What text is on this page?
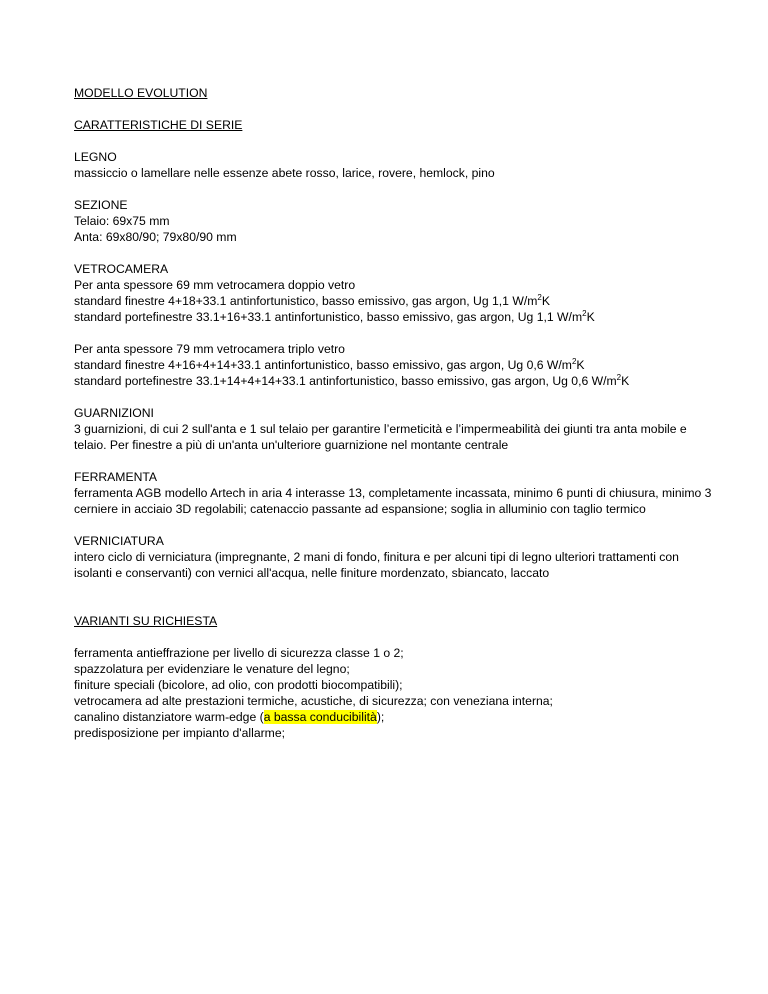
MODELLO EVOLUTION
CARATTERISTICHE DI SERIE
LEGNO
massiccio o lamellare nelle essenze abete rosso, larice, rovere, hemlock, pino
SEZIONE
Telaio: 69x75 mm
Anta: 69x80/90; 79x80/90 mm
VETROCAMERA
Per anta spessore 69 mm vetrocamera doppio vetro
standard finestre 4+18+33.1 antinfortunistico, basso emissivo, gas argon, Ug 1,1 $W/m^2K$
standard portefinestre 33.1+16+33.1 antinfortunistico, basso emissivo, gas argon, Ug 1,1 $W/m^2K$
Per anta spessore 79 mm vetrocamera triplo vetro
standard finestre 4+16+4+14+33.1 antinfortunistico, basso emissivo, gas argon, Ug 0,6 $W/m^2K$
standard portefinestre 33.1+14+4+14+33.1 antinfortunistico, basso emissivo, gas argon, Ug 0,6 $W/m^2K$
GUARNIZIONI
3 guarnizioni, di cui 2 sull'anta e 1 sul telaio per garantire l’ermeticità e l’impermeabilità dei giunti tra anta mobile e telaio. Per finestre a più di un'anta un'ulteriore guarnizione nel montante centrale
FERRAMENTA
ferramenta AGB modello Artech in aria 4 interasse 13, completamente incassata, minimo 6 punti di chiusura, minimo 3 cerniere in acciaio 3D regolabili; catenaccio passante ad espansione; soglia in alluminio con taglio termico
VERNICIATURA
intero ciclo di verniciatura (impregnante, 2 mani di fondo, finitura e per alcuni tipi di legno ulteriori trattamenti con isolanti e conservanti) con vernici all'acqua, nelle finiture mordenzato, sbiancato, laccato
VARIANTI SU RICHIESTA
ferramenta antieffrazione per livello di sicurezza classe 1 o 2;
spazzolatura per evidenziare le venature del legno;
finiture speciali (bicolore, ad olio, con prodotti biocompatibili);
vetrocamera ad alte prestazioni termiche, acustiche, di sicurezza; con veneziana interna;
canalino distanziatore warm-edge (a bassa conducibilità);
predisposizione per impianto d'allarme;
